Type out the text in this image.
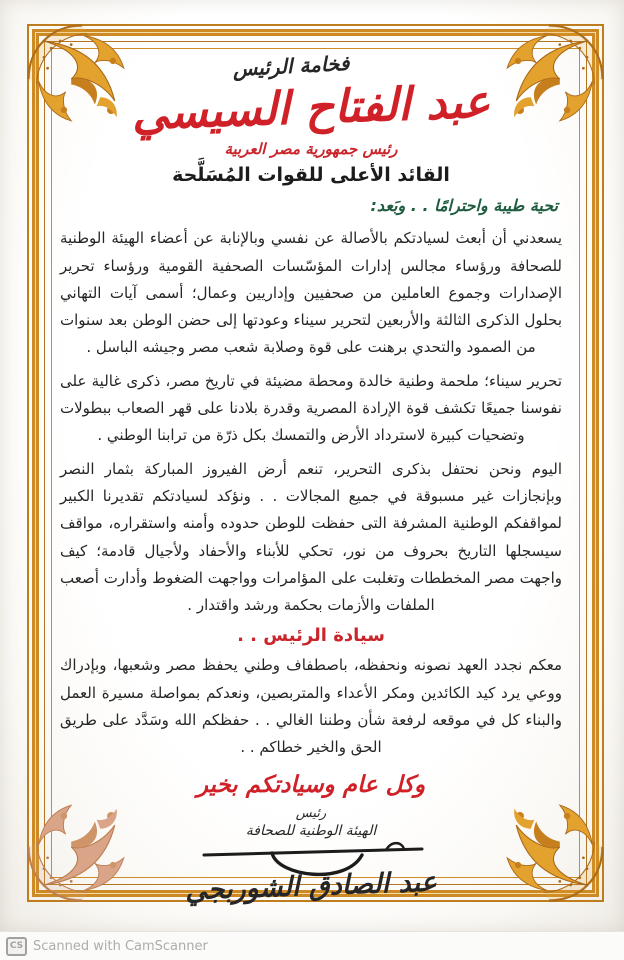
فخامة الرئيس
عبد الفتاح السيسي
رئيس جمهورية مصر العربية
القائد الأعلى للقوات المُسَلَّحة
تحية طيبة واحترامًا . . وبَعد:

يسعدني أن أبعث لسيادتكم بالأصالة عن نفسي وبالإنابة عن أعضاء الهيئة الوطنية للصحافة ورؤساء مجالس إدارات المؤسّسات الصحفية القومية ورؤساء تحرير الإصدارات وجموع العاملين من صحفيين وإداريين وعمال؛ أسمى آيات التهاني بحلول الذكرى الثالثة والأربعين لتحرير سيناء وعودتها إلى حضن الوطن بعد سنوات من الصمود والتحدي برهنت على قوة وصلابة شعب مصر وجيشه الباسل .

تحرير سيناء؛ ملحمة وطنية خالدة ومحطة مضيئة في تاريخ مصر، ذكرى غالية على نفوسنا جميعًا تكشف قوة الإرادة المصرية وقدرة بلادنا على قهر الصعاب ببطولات وتضحيات كبيرة لاسترداد الأرض والتمسك بكل ذرّة من ترابنا الوطني .

اليوم ونحن نحتفل بذكرى التحرير، تنعم أرض الفيروز المباركة بثمار النصر وبإنجازات غير مسبوقة في جميع المجالات . . ونؤكد لسيادتكم تقديرنا الكبير لمواقفكم الوطنية المشرفة التى حفظت للوطن حدوده وأمنه واستقراره، مواقف سيسجلها التاريخ بحروف من نور، تحكي للأبناء والأحفاد ولأجيال قادمة؛ كيف واجهت مصر المخططات وتغلبت على المؤامرات وواجهت الضغوط وأدارت أصعب الملفات والأزمات بحكمة ورشد واقتدار .

سيادة الرئيس . .

معكم نجدد العهد نصونه ونحفظه، باصطفاف وطني يحفظ مصر وشعبها، وبإدراك ووعي يرد كيد الكائدين ومكر الأعداء والمتربصين، ونعدكم بمواصلة مسيرة العمل والبناء كل في موقعه لرفعة شأن وطننا الغالي . . حفظكم الله وسَدَّد على طريق الحق والخير خطاكم . .

وكل عام وسيادتكم بخير
رئيس
الهيئة الوطنية للصحافة
عبد الصادق الشوربجي
CS Scanned with CamScanner
